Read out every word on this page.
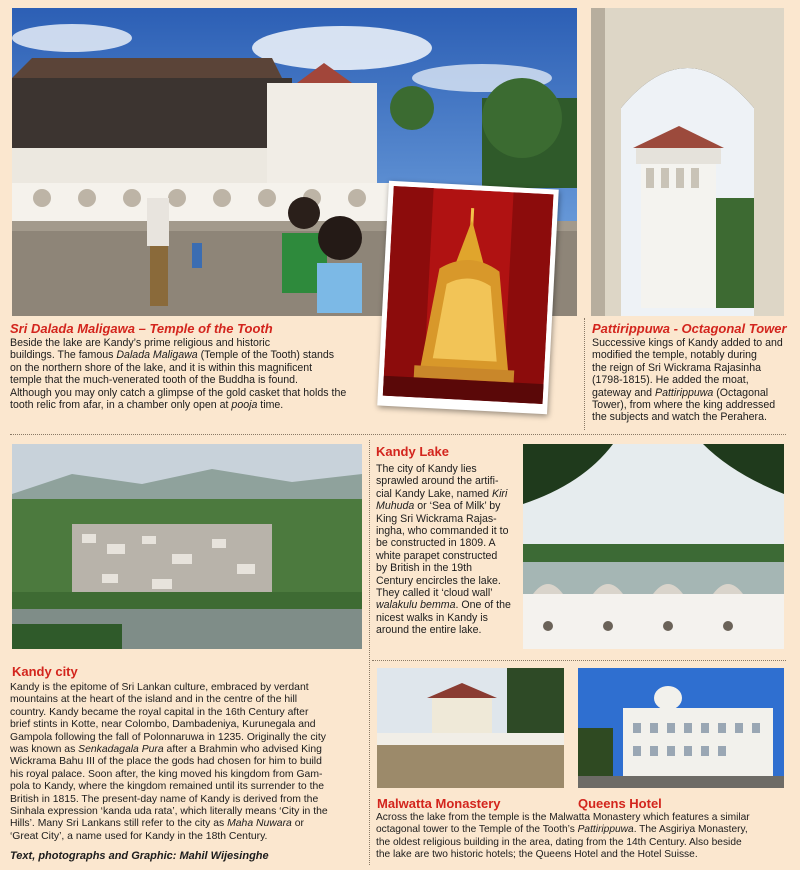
Sri Dalada Maligawa – Temple of the Tooth

Beside the lake are Kandy’s prime religious and historic

buildings. The famous Dalada Maligawa (Temple of the Tooth) stands

on the northern shore of the lake, and it is within this magnificent

temple that the much-venerated tooth of the Buddha is found.

Although you may only catch a glimpse of the gold casket that holds the

tooth relic from afar, in a chamber only open at pooja time.

Pattirippuwa - Octagonal Tower

Successive kings of Kandy added to and

modified the temple, notably during

the reign of Sri Wickrama Rajasinha

(1798-1815). He added the moat,

gateway and Pattirippuwa (Octagonal

Tower), from where the king addressed

the subjects and watch the Perahera.

Kandy Lake

The city of Kandy lies

sprawled around the artifi-

cial Kandy Lake, named Kiri

Muhuda or ‘Sea of Milk’ by

King Sri Wickrama Rajas-

ingha, who commanded it to

be constructed in 1809. A

white parapet constructed

by British in the 19th

Century encircles the lake.

They called it ‘cloud wall’

walakulu bemma. One of the

nicest walks in Kandy is

around the entire lake.

Kandy city

Kandy is the epitome of Sri Lankan culture, embraced by verdant

mountains at the heart of the island and in the centre of the hill

country. Kandy became the royal capital in the 16th Century after

brief stints in Kotte, near Colombo, Dambadeniya, Kurunegala and

Gampola following the fall of Polonnaruwa in 1235. Originally the city

was known as Senkadagala Pura after a Brahmin who advised King

Wickrama Bahu III of the place the gods had chosen for him to build

his royal palace. Soon after, the king moved his kingdom from Gam-

pola to Kandy, where the kingdom remained until its surrender to the

British in 1815. The present-day name of Kandy is derived from the

Sinhala expression ‘kanda uda rata’, which literally means ‘City in the

Hills’. Many Sri Lankans still refer to the city as Maha Nuwara or

‘Great City’, a name used for Kandy in the 18th Century.

Text, photographs and Graphic: Mahil Wijesinghe
Malwatta Monastery	Queens Hotel

Across the lake from the temple is the Malwatta Monastery which features a similar

octagonal tower to the Temple of the Tooth’s Pattirippuwa. The Asgiriya Monastery,

the oldest religious building in the area, dating from the 14th Century. Also beside

the lake are two historic hotels; the Queens Hotel and the Hotel Suisse.
